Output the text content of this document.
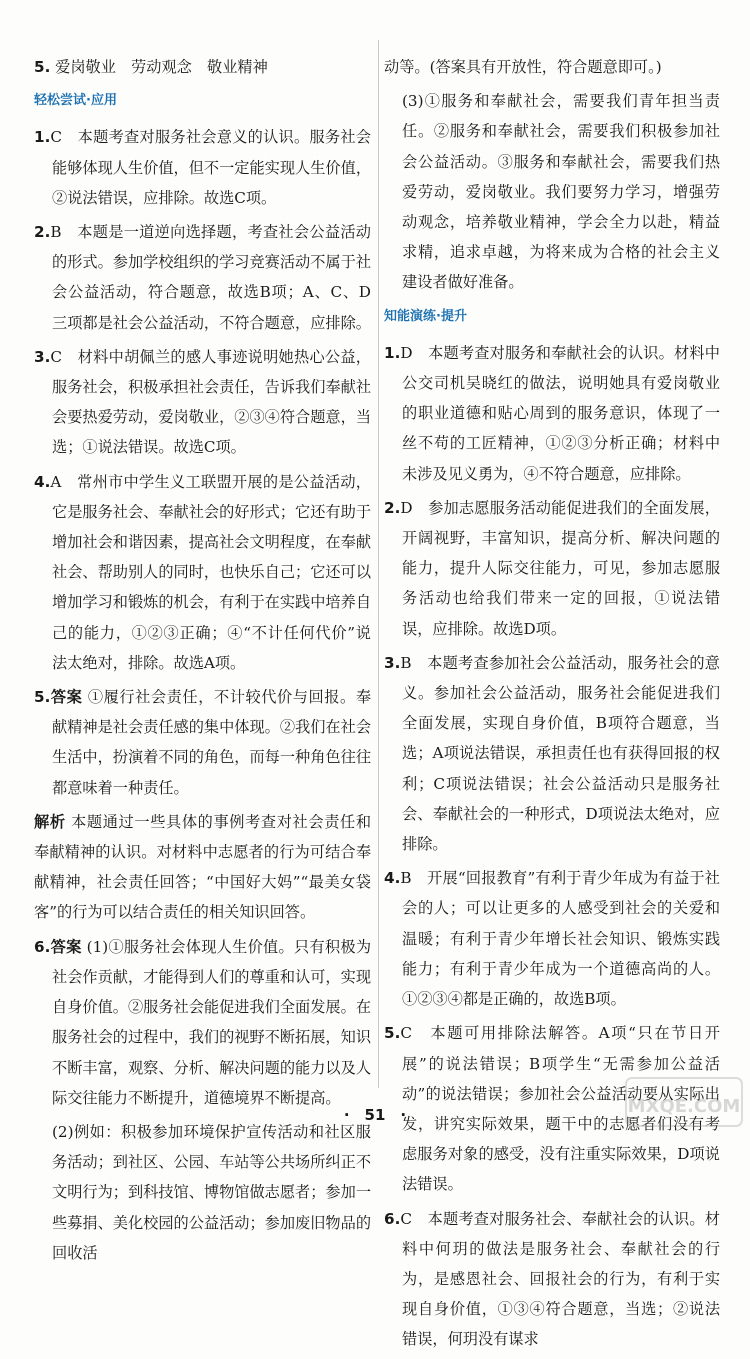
5. 爱岗敬业　劳动观念　敬业精神

轻松尝试·应用

1.C　本题考查对服务社会意义的认识。服务社会能够体现人生价值，但不一定能实现人生价值，②说法错误，应排除。故选C项。

2.B　本题是一道逆向选择题，考查社会公益活动的形式。参加学校组织的学习竞赛活动不属于社会公益活动，符合题意，故选B项；A、C、D三项都是社会公益活动，不符合题意，应排除。

3.C　材料中胡佩兰的感人事迹说明她热心公益，服务社会，积极承担社会责任，告诉我们奉献社会要热爱劳动，爱岗敬业，②③④符合题意，当选；①说法错误。故选C项。

4.A　常州市中学生义工联盟开展的是公益活动，它是服务社会、奉献社会的好形式；它还有助于增加社会和谐因素，提高社会文明程度，在奉献社会、帮助别人的同时，也快乐自己；它还可以增加学习和锻炼的机会，有利于在实践中培养自己的能力，①②③正确；④“不计任何代价”说法太绝对，排除。故选A项。

5.答案 ①履行社会责任，不计较代价与回报。奉献精神是社会责任感的集中体现。②我们在社会生活中，扮演着不同的角色，而每一种角色往往都意味着一种责任。

解析 本题通过一些具体的事例考查对社会责任和奉献精神的认识。对材料中志愿者的行为可结合奉献精神，社会责任回答；“中国好大妈”“最美女袋客”的行为可以结合责任的相关知识回答。

6.答案 (1)①服务社会体现人生价值。只有积极为社会作贡献，才能得到人们的尊重和认可，实现自身价值。②服务社会能促进我们全面发展。在服务社会的过程中，我们的视野不断拓展，知识不断丰富，观察、分析、解决问题的能力以及人际交往能力不断提升，道德境界不断提高。

(2)例如：积极参加环境保护宣传活动和社区服务活动；到社区、公园、车站等公共场所纠正不文明行为；到科技馆、博物馆做志愿者；参加一些募捐、美化校园的公益活动；参加废旧物品的回收活

动等。(答案具有开放性，符合题意即可。)

(3)①服务和奉献社会，需要我们青年担当责任。②服务和奉献社会，需要我们积极参加社会公益活动。③服务和奉献社会，需要我们热爱劳动，爱岗敬业。我们要努力学习，增强劳动观念，培养敬业精神，学会全力以赴，精益求精，追求卓越，为将来成为合格的社会主义建设者做好准备。

知能演练·提升

1.D　本题考查对服务和奉献社会的认识。材料中公交司机吴晓红的做法，说明她具有爱岗敬业的职业道德和贴心周到的服务意识，体现了一丝不苟的工匠精神，①②③分析正确；材料中未涉及见义勇为，④不符合题意，应排除。

2.D　参加志愿服务活动能促进我们的全面发展，开阔视野，丰富知识，提高分析、解决问题的能力，提升人际交往能力，可见，参加志愿服务活动也给我们带来一定的回报，①说法错误，应排除。故选D项。

3.B　本题考查参加社会公益活动，服务社会的意义。参加社会公益活动，服务社会能促进我们全面发展，实现自身价值，B项符合题意，当选；A项说法错误，承担责任也有获得回报的权利；C项说法错误；社会公益活动只是服务社会、奉献社会的一种形式，D项说法太绝对，应排除。

4.B　开展“回报教育”有利于青少年成为有益于社会的人；可以让更多的人感受到社会的关爱和温暖；有利于青少年增长社会知识、锻炼实践能力；有利于青少年成为一个道德高尚的人。①②③④都是正确的，故选B项。

5.C　本题可用排除法解答。A项“只在节日开展”的说法错误；B项学生“无需参加公益活动”的说法错误；参加社会公益活动要从实际出发，讲究实际效果，题干中的志愿者们没有考虑服务对象的感受，没有注重实际效果，D项说法错误。

6.C　本题考查对服务社会、奉献社会的认识。材料中何玥的做法是服务社会、奉献社会的行为，是感恩社会、回报社会的行为，有利于实现自身价值，①③④符合题意，当选；②说法错误，何玥没有谋求

·　51　·	MXQE.COM
